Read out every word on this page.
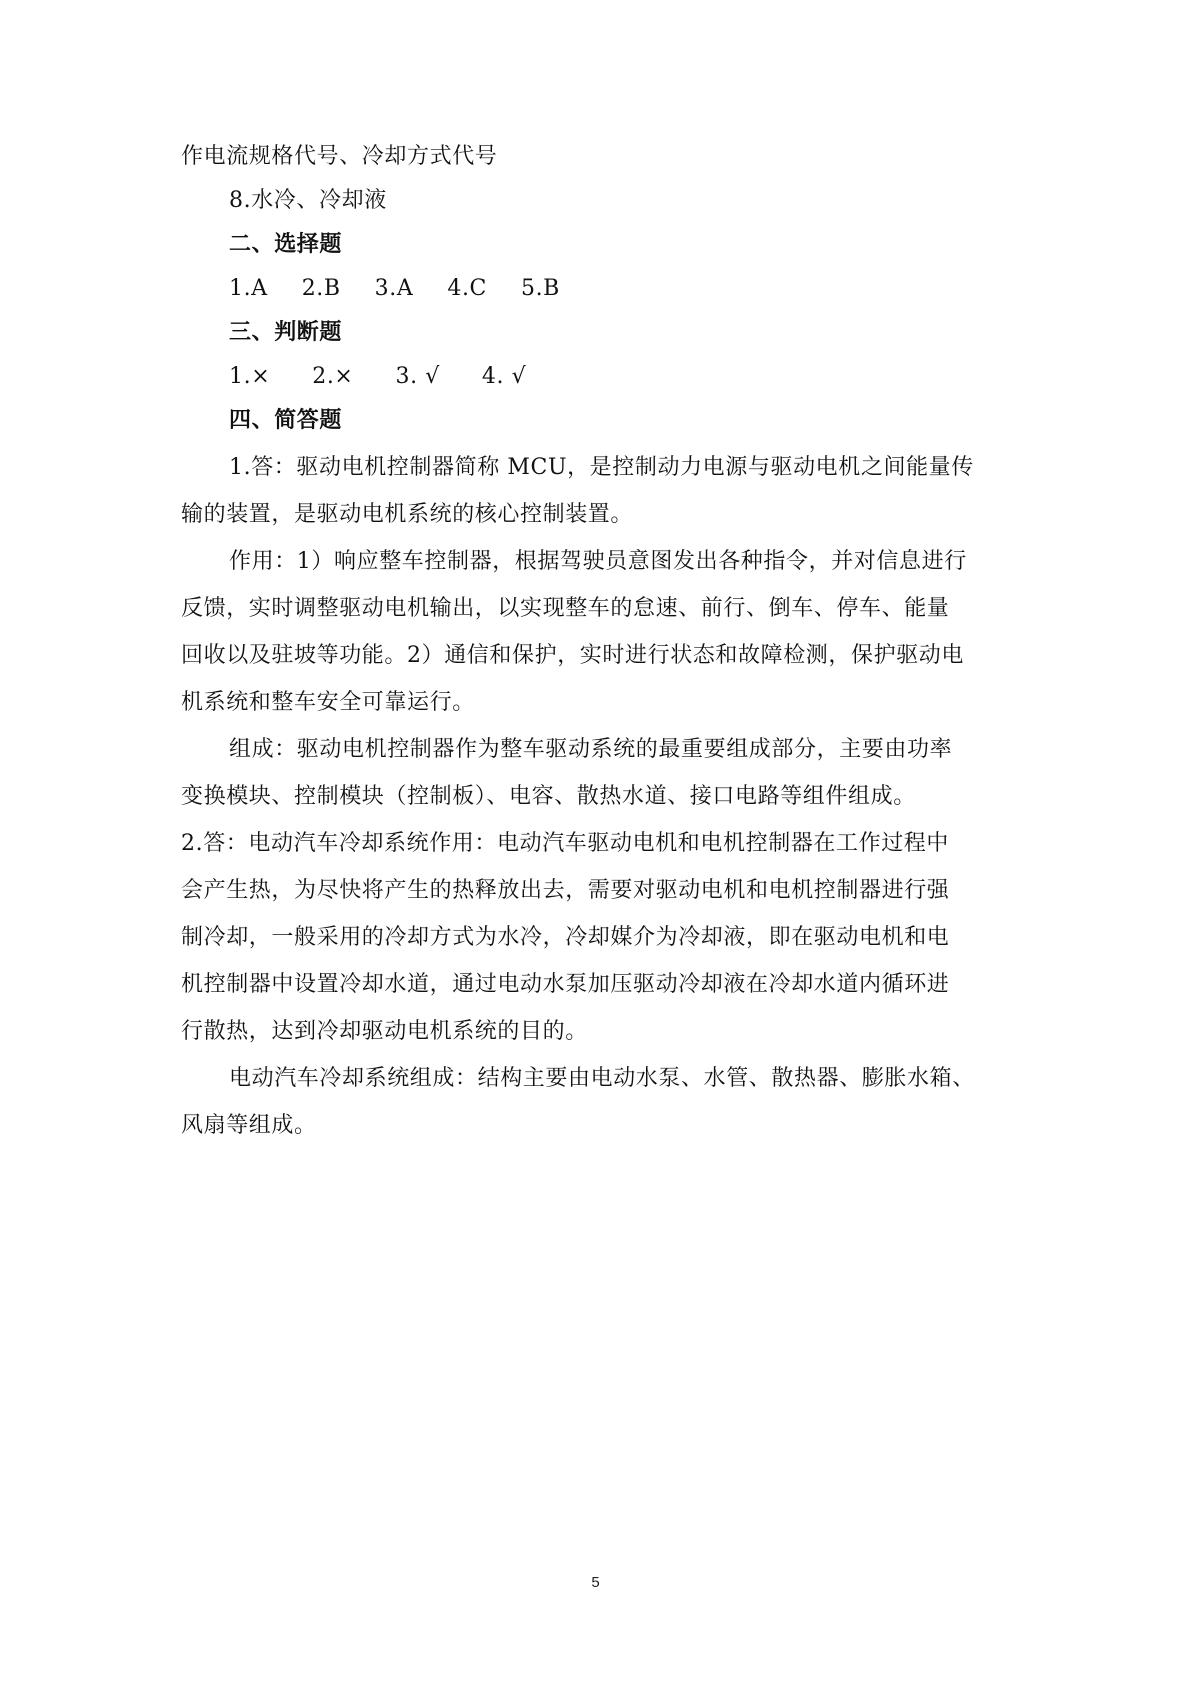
作电流规格代号、冷却方式代号
8.水冷、冷却液
二、选择题
1.A 2.B 3.A 4.C 5.B
三、判断题
1.× 2.× 3. √ 4. √
四、简答题
1.答：驱动电机控制器简称 MCU，是控制动力电源与驱动电机之间能量传
输的装置，是驱动电机系统的核心控制装置。
作用：1）响应整车控制器，根据驾驶员意图发出各种指令，并对信息进行
反馈，实时调整驱动电机输出，以实现整车的怠速、前行、倒车、停车、能量
回收以及驻坡等功能。2）通信和保护，实时进行状态和故障检测，保护驱动电
机系统和整车安全可靠运行。
组成：驱动电机控制器作为整车驱动系统的最重要组成部分，主要由功率
变换模块、控制模块（控制板）、电容、散热水道、接口电路等组件组成。
2.答：电动汽车冷却系统作用：电动汽车驱动电机和电机控制器在工作过程中
会产生热，为尽快将产生的热释放出去，需要对驱动电机和电机控制器进行强
制冷却，一般采用的冷却方式为水冷，冷却媒介为冷却液，即在驱动电机和电
机控制器中设置冷却水道，通过电动水泵加压驱动冷却液在冷却水道内循环进
行散热，达到冷却驱动电机系统的目的。
电动汽车冷却系统组成：结构主要由电动水泵、水管、散热器、膨胀水箱、
风扇等组成。
5
